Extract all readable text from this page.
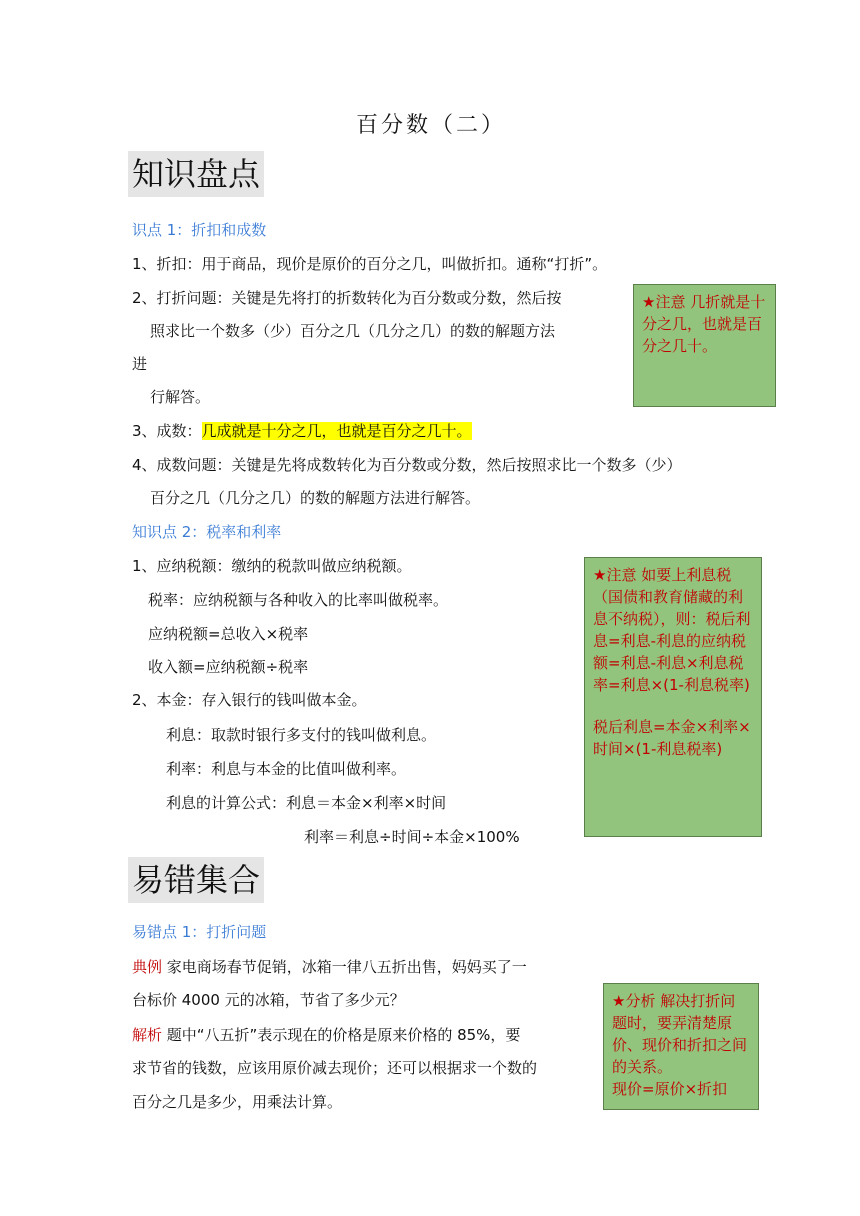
百分数（二）
知识盘点
识点 1：折扣和成数
1、折扣：用于商品，现价是原价的百分之几，叫做折扣。通称“打折”。
2、打折问题：关键是先将打的折数转化为百分数或分数，然后按
照求比一个数多（少）百分之几（几分之几）的数的解题方法
进
行解答。
3、成数：几成就是十分之几，也就是百分之几十。
4、成数问题：关键是先将成数转化为百分数或分数，然后按照求比一个数多（少）
百分之几（几分之几）的数的解题方法进行解答。
知识点 2：税率和利率
1、应纳税额：缴纳的税款叫做应纳税额。
税率：应纳税额与各种收入的比率叫做税率。
应纳税额=总收入×税率
收入额=应纳税额÷税率
2、本金：存入银行的钱叫做本金。
利息：取款时银行多支付的钱叫做利息。
利率：利息与本金的比值叫做利率。
利息的计算公式：利息＝本金×利率×时间
利率＝利息÷时间÷本金×100%

★注意 几折就是十分之几，也就是百分之几十。

★注意 如要上利息税（国债和教育储藏的利息不纳税），则：税后利息=利息-利息的应纳税额=利息-利息×利息税率=利息×(1-利息税率)

税后利息=本金×利率×时间×(1-利息税率)

易错集合
易错点 1：打折问题
典例 家电商场春节促销，冰箱一律八五折出售，妈妈买了一
台标价 4000 元的冰箱，节省了多少元？
解析 题中“八五折”表示现在的价格是原来价格的 85%，要
求节省的钱数，应该用原价减去现价；还可以根据求一个数的
百分之几是多少，用乘法计算。

★分析 解决打折问题时，要弄清楚原价、现价和折扣之间的关系。

现价=原价×折扣
